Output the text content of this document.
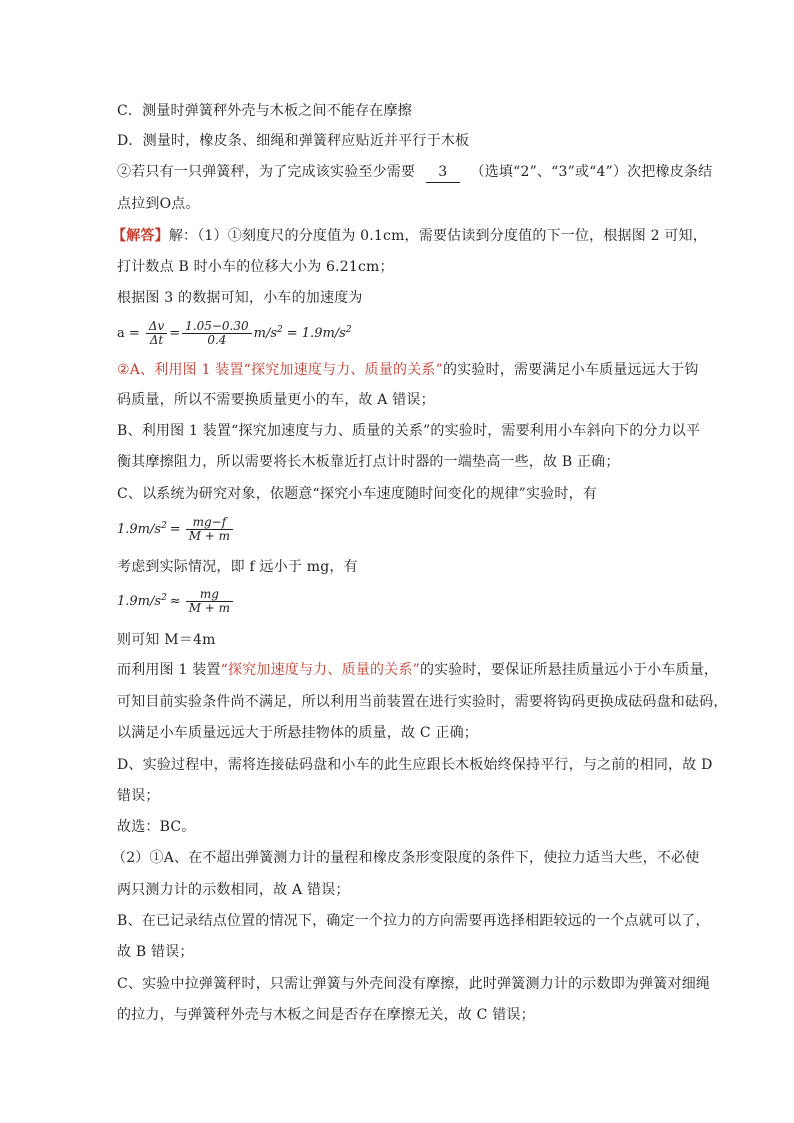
C．测量时弹簧秤外壳与木板之间不能存在摩擦
D．测量时，橡皮条、细绳和弹簧秤应贴近并平行于木板
②若只有一只弹簧秤，为了完成该实验至少需要 3 （选填“2”、“3”或“4”）次把橡皮条结
点拉到O点。
【解答】解：（1）①刻度尺的分度值为 0.1cm，需要估读到分度值的下一位，根据图 2 可知，
打计数点 B 时小车的位移大小为 6.21cm；
根据图 3 的数据可知，小车的加速度为
$a = \frac{\Delta v}{\Delta t} = \frac{1.05-0.30}{0.4} m/s^2 = 1.9m/s^2$
②A、利用图 1 装置“探究加速度与力、质量的关系”的实验时，需要满足小车质量远远大于钩
码质量，所以不需要换质量更小的车，故 A 错误；
B、利用图 1 装置“探究加速度与力、质量的关系”的实验时，需要利用小车斜向下的分力以平
衡其摩擦阻力，所以需要将长木板靠近打点计时器的一端垫高一些，故 B 正确；
C、以系统为研究对象，依题意“探究小车速度随时间变化的规律”实验时，有
$1.9m/s^2 = \frac{mg-f}{M + m}$
考虑到实际情况，即 f 远小于 mg，有
$1.9m/s^2 \approx \frac{mg}{M + m}$
则可知 M＝4m
而利用图 1 装置“探究加速度与力、质量的关系”的实验时，要保证所悬挂质量远小于小车质量，
可知目前实验条件尚不满足，所以利用当前装置在进行实验时，需要将钩码更换成砝码盘和砝码，
以满足小车质量远远大于所悬挂物体的质量，故 C 正确；
D、实验过程中，需将连接砝码盘和小车的此生应跟长木板始终保持平行，与之前的相同，故 D
错误；
故选：BC。
（2）①A、在不超出弹簧测力计的量程和橡皮条形变限度的条件下，使拉力适当大些，不必使
两只测力计的示数相同，故 A 错误；
B、在已记录结点位置的情况下，确定一个拉力的方向需要再选择相距较远的一个点就可以了，
故 B 错误；
C、实验中拉弹簧秤时，只需让弹簧与外壳间没有摩擦，此时弹簧测力计的示数即为弹簧对细绳
的拉力，与弹簧秤外壳与木板之间是否存在摩擦无关，故 C 错误；
